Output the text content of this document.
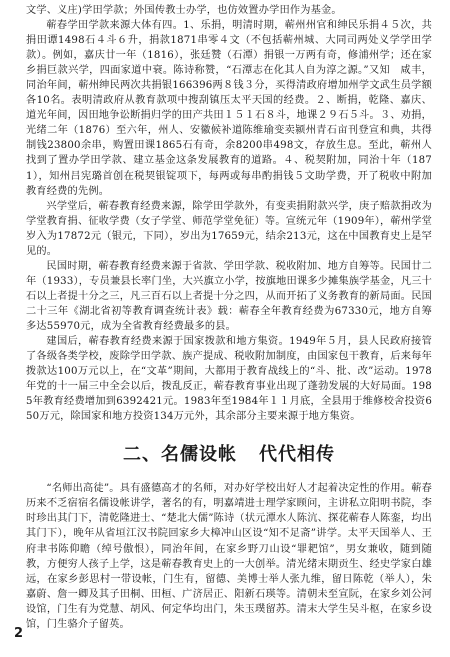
文学、义庄)学田学款；外国传教士办学，也仿效置办学田作为基金。

蕲春学田学款来源大体有四。1、乐捐，明清时期，蕲州州官和绅民乐捐４５次，共捐田谭1498石４斗６升，捐款1871串零４文（不包括蕲州城、大同司两处义学学田学款）。例如，嘉庆廿一年（1816），张廷赞（石潭）捐银一万两有奇，修浦州学；还在家乡捐巨款兴学，四面家道中衰。陈诗称赞，“石潭志在化其人自为淳之源。”又知　咸丰，同治年间，蕲州绅民两次共捐银166396两８钱３分，买得清政府增加州学文武生员学额各10名。表明清政府从教育款项中搜刮镇压太平天国的经费。２、断捐，乾隆、嘉庆、道光年间，因田地争讼断捐归学的田产共田１５１石８斗，地课２９石５斗。３、劝捐，光绪二年（1876）至六年，州人、安徽候补道陈维瑜变卖颍州青石亩刊登宣和典，共得制钱23800余串，购置田课1865石有奇，余8200串498文，存放生息。至此，蕲州人找到了置办学田学款、建立基金这条发展教育的道路。４、税契附加，同治十年（1871），知州吕宪璐首创在税契银锭项下，每两或每串酌捐钱５文助学费，开了税收中附加教育经费的先例。

兴学堂后，蕲春教育经费来源，除学田学款外，有变卖捐附款兴学，庚子赔款捐改为学堂教育捐、征收学费（女子学堂、师范学堂免征）等。宣统元年（1909年），蕲州学堂岁入为17872元（银元，下同），岁出为17659元，结余213元，这在中国教育史上是罕见的。

民国时期，蕲春教育经费来源于省款、学田学款、税收附加、地方自筹等。民国廿二年（1933），专员兼县长率门坐，大兴旗立小学，按旗地田课多少摊集族学基金，凡三十石以上者提十分之三，凡三百石以上者提十分之四，从而开拓了义务教育的新局面。民国二十三年《湖北省初等教育调查统计表》载：蕲春全年教育经费为67330元，地方自筹多达55970元，成为全省教育经费最多的县。

建国后，蕲春教育经费来源于国家拨款和地方集资。1949年５月，县人民政府接管了各级各类学校，废除学田学款、族产提成、税收附加制度，由国家包干教育，后来每年拨款达100万元以上，在“文革”期间，大都用于教育战线上的“斗、批、改”运动。1978年党的十一届三中全会以后，拨乱反正，蕲春教育事业出现了蓬勃发展的大好局面。1985年教育经费增加到6392421元。1983年至1984年１１月底，全县用于维修校舍投资650万元，除国家和地方投资134万元外，其余部分主要来源于地方集资。

二、名儒设帐 代代相传

“名师出高徒”。具有盛德高才的名师，对办好学校出好人才起着决定性的作用。蕲春历来不乏宿宿名儒设帐讲学，著名的有，明嘉靖进士理学家顾问，主讲私立阳明书院，李时珍出其门下，清乾隆进士、“楚北大儒”陈诗（状元潭水人陈沆、探花蕲春人陈銮，均出其门下），晚年从省垣江汉书院回家乡大樟冲山区设“知不足斋”讲学。太平天国举人、王府聿书陈仰瞻（绰号傲恨），同治年间，在家乡野刀山设“罪耙馆”，男女兼收，随到随教，方便穷人孩子上学，这是蕲春教育史上的一大创举。清光绪末期贡生、经史学家白雄远，在家乡彭思村一带设帐，门生有，留德、美博士举人张九维，留日陈乾（举人），朱嘉蔚、詹一卿及其子田桐、田桓、广济居正、阳新石瑛等。清朝未至宣阮，在家乡刘公河设馆，门生有为党慧、胡风、何定华均出门，朱玉璞留苏。清末大学生吴斗枢，在家乡设馆，门生骆介子留英。

2
